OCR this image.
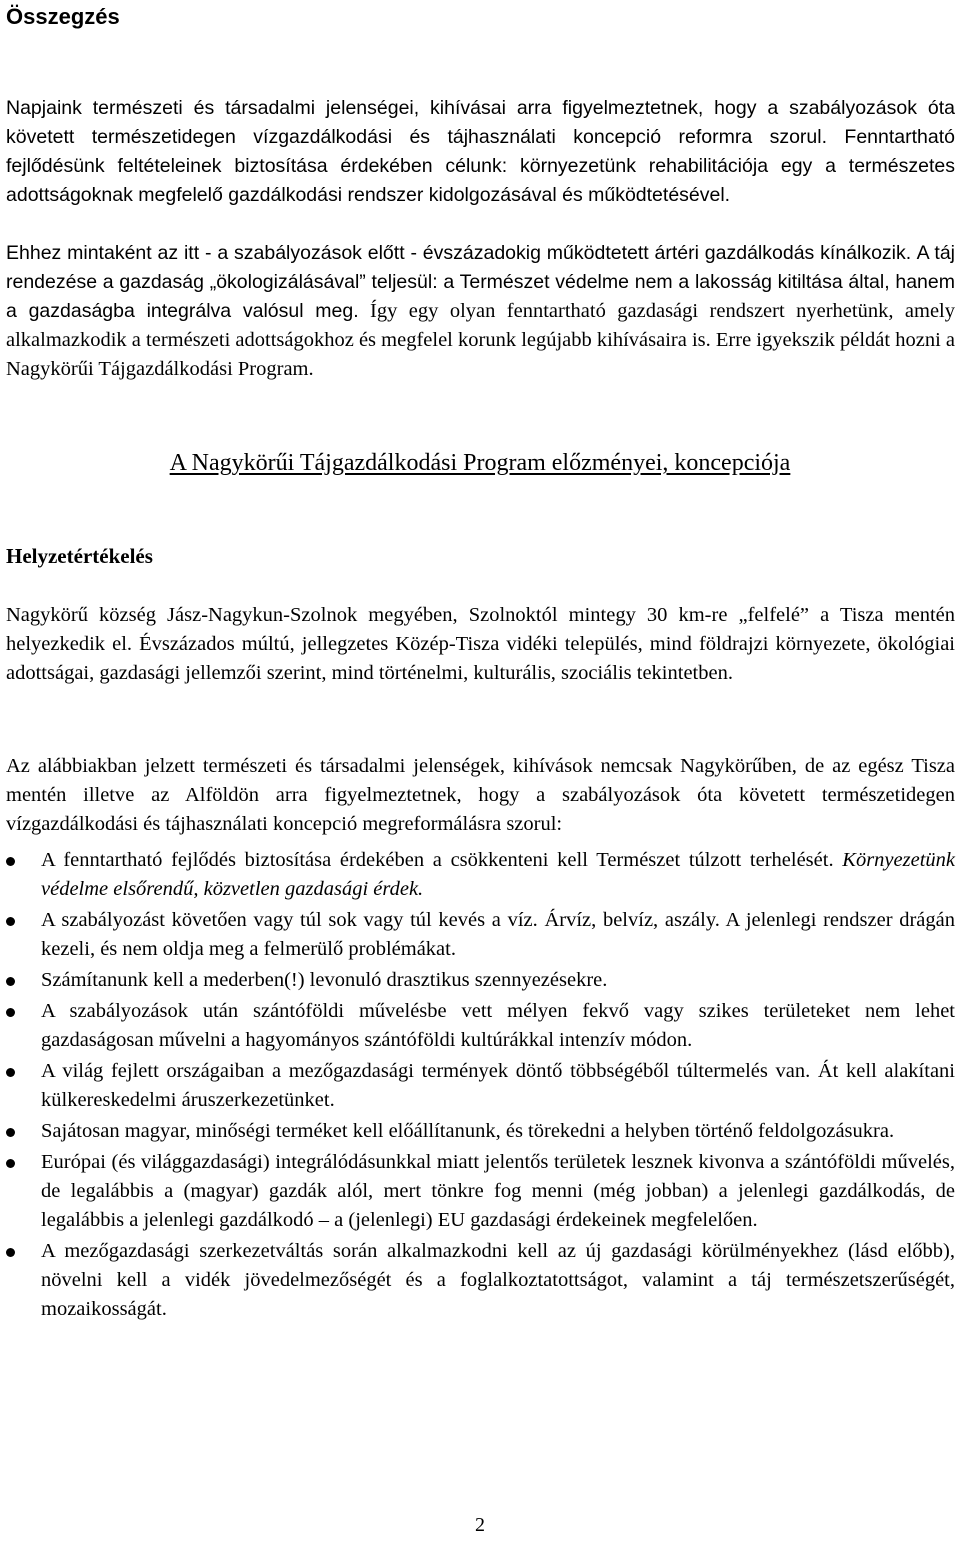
Összegzés

Napjaink természeti és társadalmi jelenségei, kihívásai arra figyelmeztetnek, hogy a szabályozások óta követett természetidegen vízgazdálkodási és tájhasználati koncepció reformra szorul. Fenntartható fejlődésünk feltételeinek biztosítása érdekében célunk: környezetünk rehabilitációja egy a természetes adottságoknak megfelelő gazdálkodási rendszer kidolgozásával és működtetésével.

Ehhez mintaként az itt - a szabályozások előtt - évszázadokig működtetett ártéri gazdálkodás kínálkozik. A táj rendezése a gazdaság „ökologizálásával” teljesül: a Természet védelme nem a lakosság kitiltása által, hanem a gazdaságba integrálva valósul meg. Így egy olyan fenntartható gazdasági rendszert nyerhetünk, amely alkalmazkodik a természeti adottságokhoz és megfelel korunk legújabb kihívásaira is. Erre igyekszik példát hozni a Nagykörűi Tájgazdálkodási Program.

A Nagykörűi Tájgazdálkodási Program előzményei, koncepciója
Helyzetértékelés

Nagykörű község Jász-Nagykun-Szolnok megyében, Szolnoktól mintegy 30 km-re „felfelé” a Tisza mentén helyezkedik el. Évszázados múltú, jellegzetes Közép-Tisza vidéki település, mind földrajzi környezete, ökológiai adottságai, gazdasági jellemzői szerint, mind történelmi, kulturális, szociális tekintetben.

Az alábbiakban jelzett természeti és társadalmi jelenségek, kihívások nemcsak Nagykörűben, de az egész Tisza mentén illetve az Alföldön arra figyelmeztetnek, hogy a szabályozások óta követett természetidegen vízgazdálkodási és tájhasználati koncepció megreformálásra szorul:

A fenntartható fejlődés biztosítása érdekében a csökkenteni kell Természet túlzott terhelését. Környezetünk védelme elsőrendű, közvetlen gazdasági érdek.
A szabályozást követően vagy túl sok vagy túl kevés a víz. Árvíz, belvíz, aszály. A jelenlegi rendszer drágán kezeli, és nem oldja meg a felmerülő problémákat.
Számítanunk kell a mederben(!) levonuló drasztikus szennyezésekre.
A szabályozások után szántóföldi művelésbe vett mélyen fekvő vagy szikes területeket nem lehet gazdaságosan művelni a hagyományos szántóföldi kultúrákkal intenzív módon.
A világ fejlett országaiban a mezőgazdasági termények döntő többségéből túltermelés van. Át kell alakítani külkereskedelmi áruszerkezetünket.
Sajátosan magyar, minőségi terméket kell előállítanunk, és törekedni a helyben történő feldolgozásukra.
Európai (és világgazdasági) integrálódásunkkal miatt jelentős területek lesznek kivonva a szántóföldi művelés, de legalábbis a (magyar) gazdák alól, mert tönkre fog menni (még jobban) a jelenlegi gazdálkodás, de legalábbis a jelenlegi gazdálkodó – a (jelenlegi) EU gazdasági érdekeinek megfelelően.
A mezőgazdasági szerkezetváltás során alkalmazkodni kell az új gazdasági körülményekhez (lásd előbb), növelni kell a vidék jövedelmezőségét és a foglalkoztatottságot, valamint a táj természetszerűségét, mozaikosságát.
2
